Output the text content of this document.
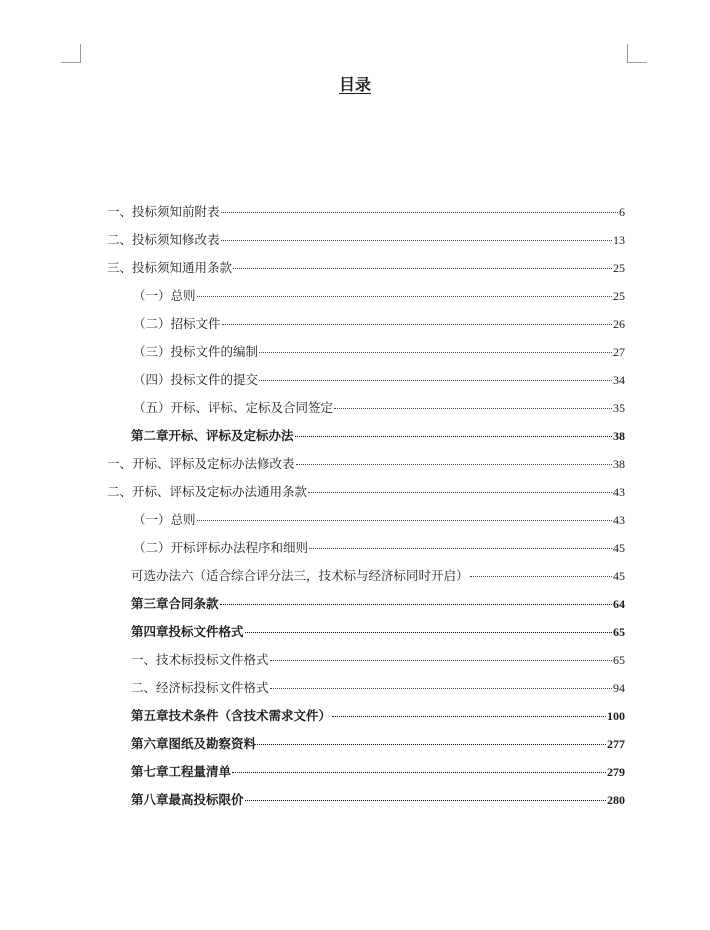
目录
一、投标须知前附表	6
二、投标须知修改表	13
三、投标须知通用条款	25
（一）总则	25
（二）招标文件	26
（三）投标文件的编制	27
（四）投标文件的提交	34
（五）开标、评标、定标及合同签定	35
第二章开标、评标及定标办法	38
一、开标、评标及定标办法修改表	38
二、开标、评标及定标办法通用条款	43
（一）总则	43
（二）开标评标办法程序和细则	45
可选办法六（适合综合评分法三，技术标与经济标同时开启）	45
第三章合同条款	64
第四章投标文件格式	65
一、技术标投标文件格式	65
二、经济标投标文件格式	94
第五章技术条件（含技术需求文件）	100
第六章图纸及勘察资料	277
第七章工程量清单	279
第八章最高投标限价	280
